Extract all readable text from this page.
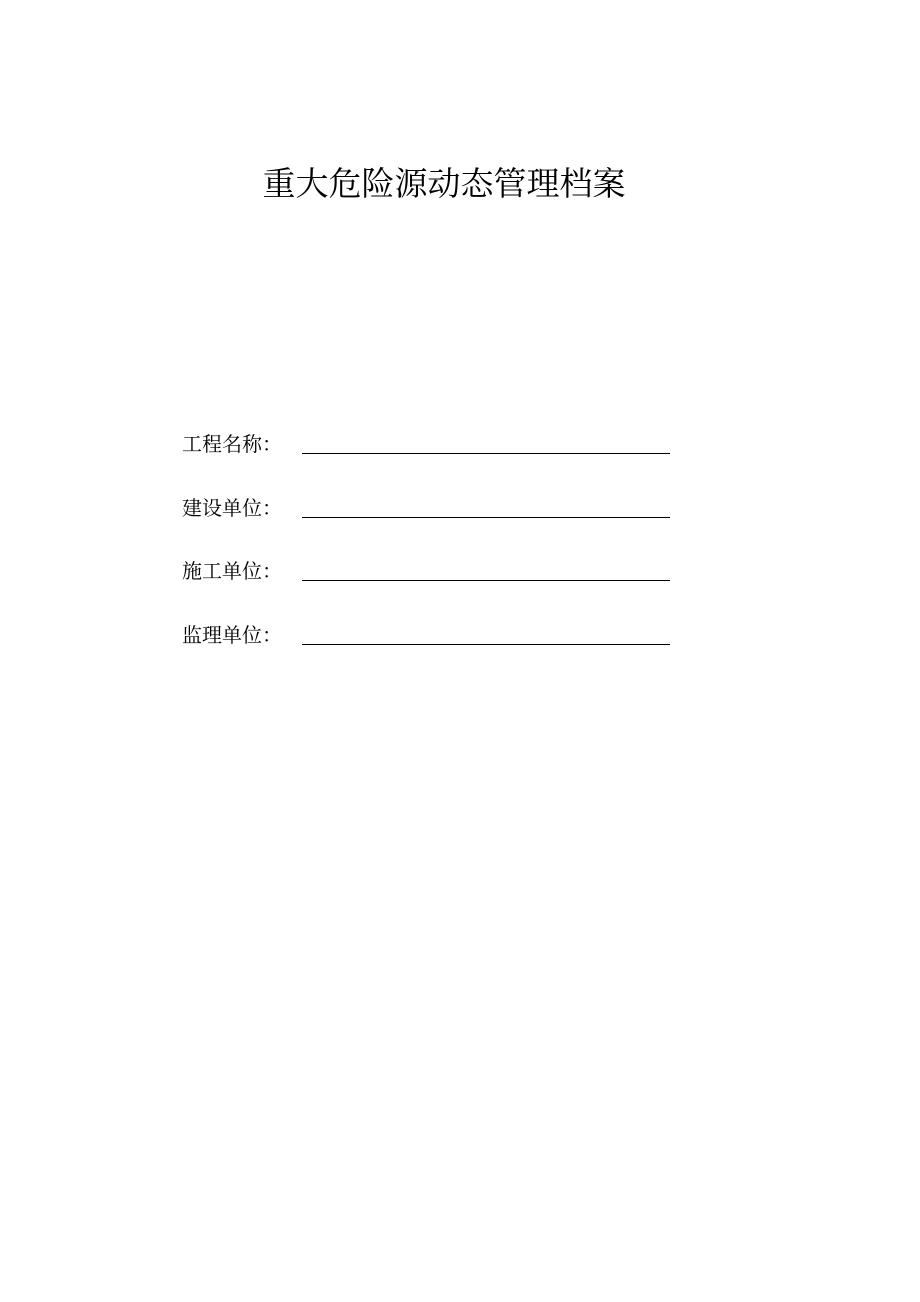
重大危险源动态管理档案
工程名称：
建设单位：
施工单位：
监理单位：
